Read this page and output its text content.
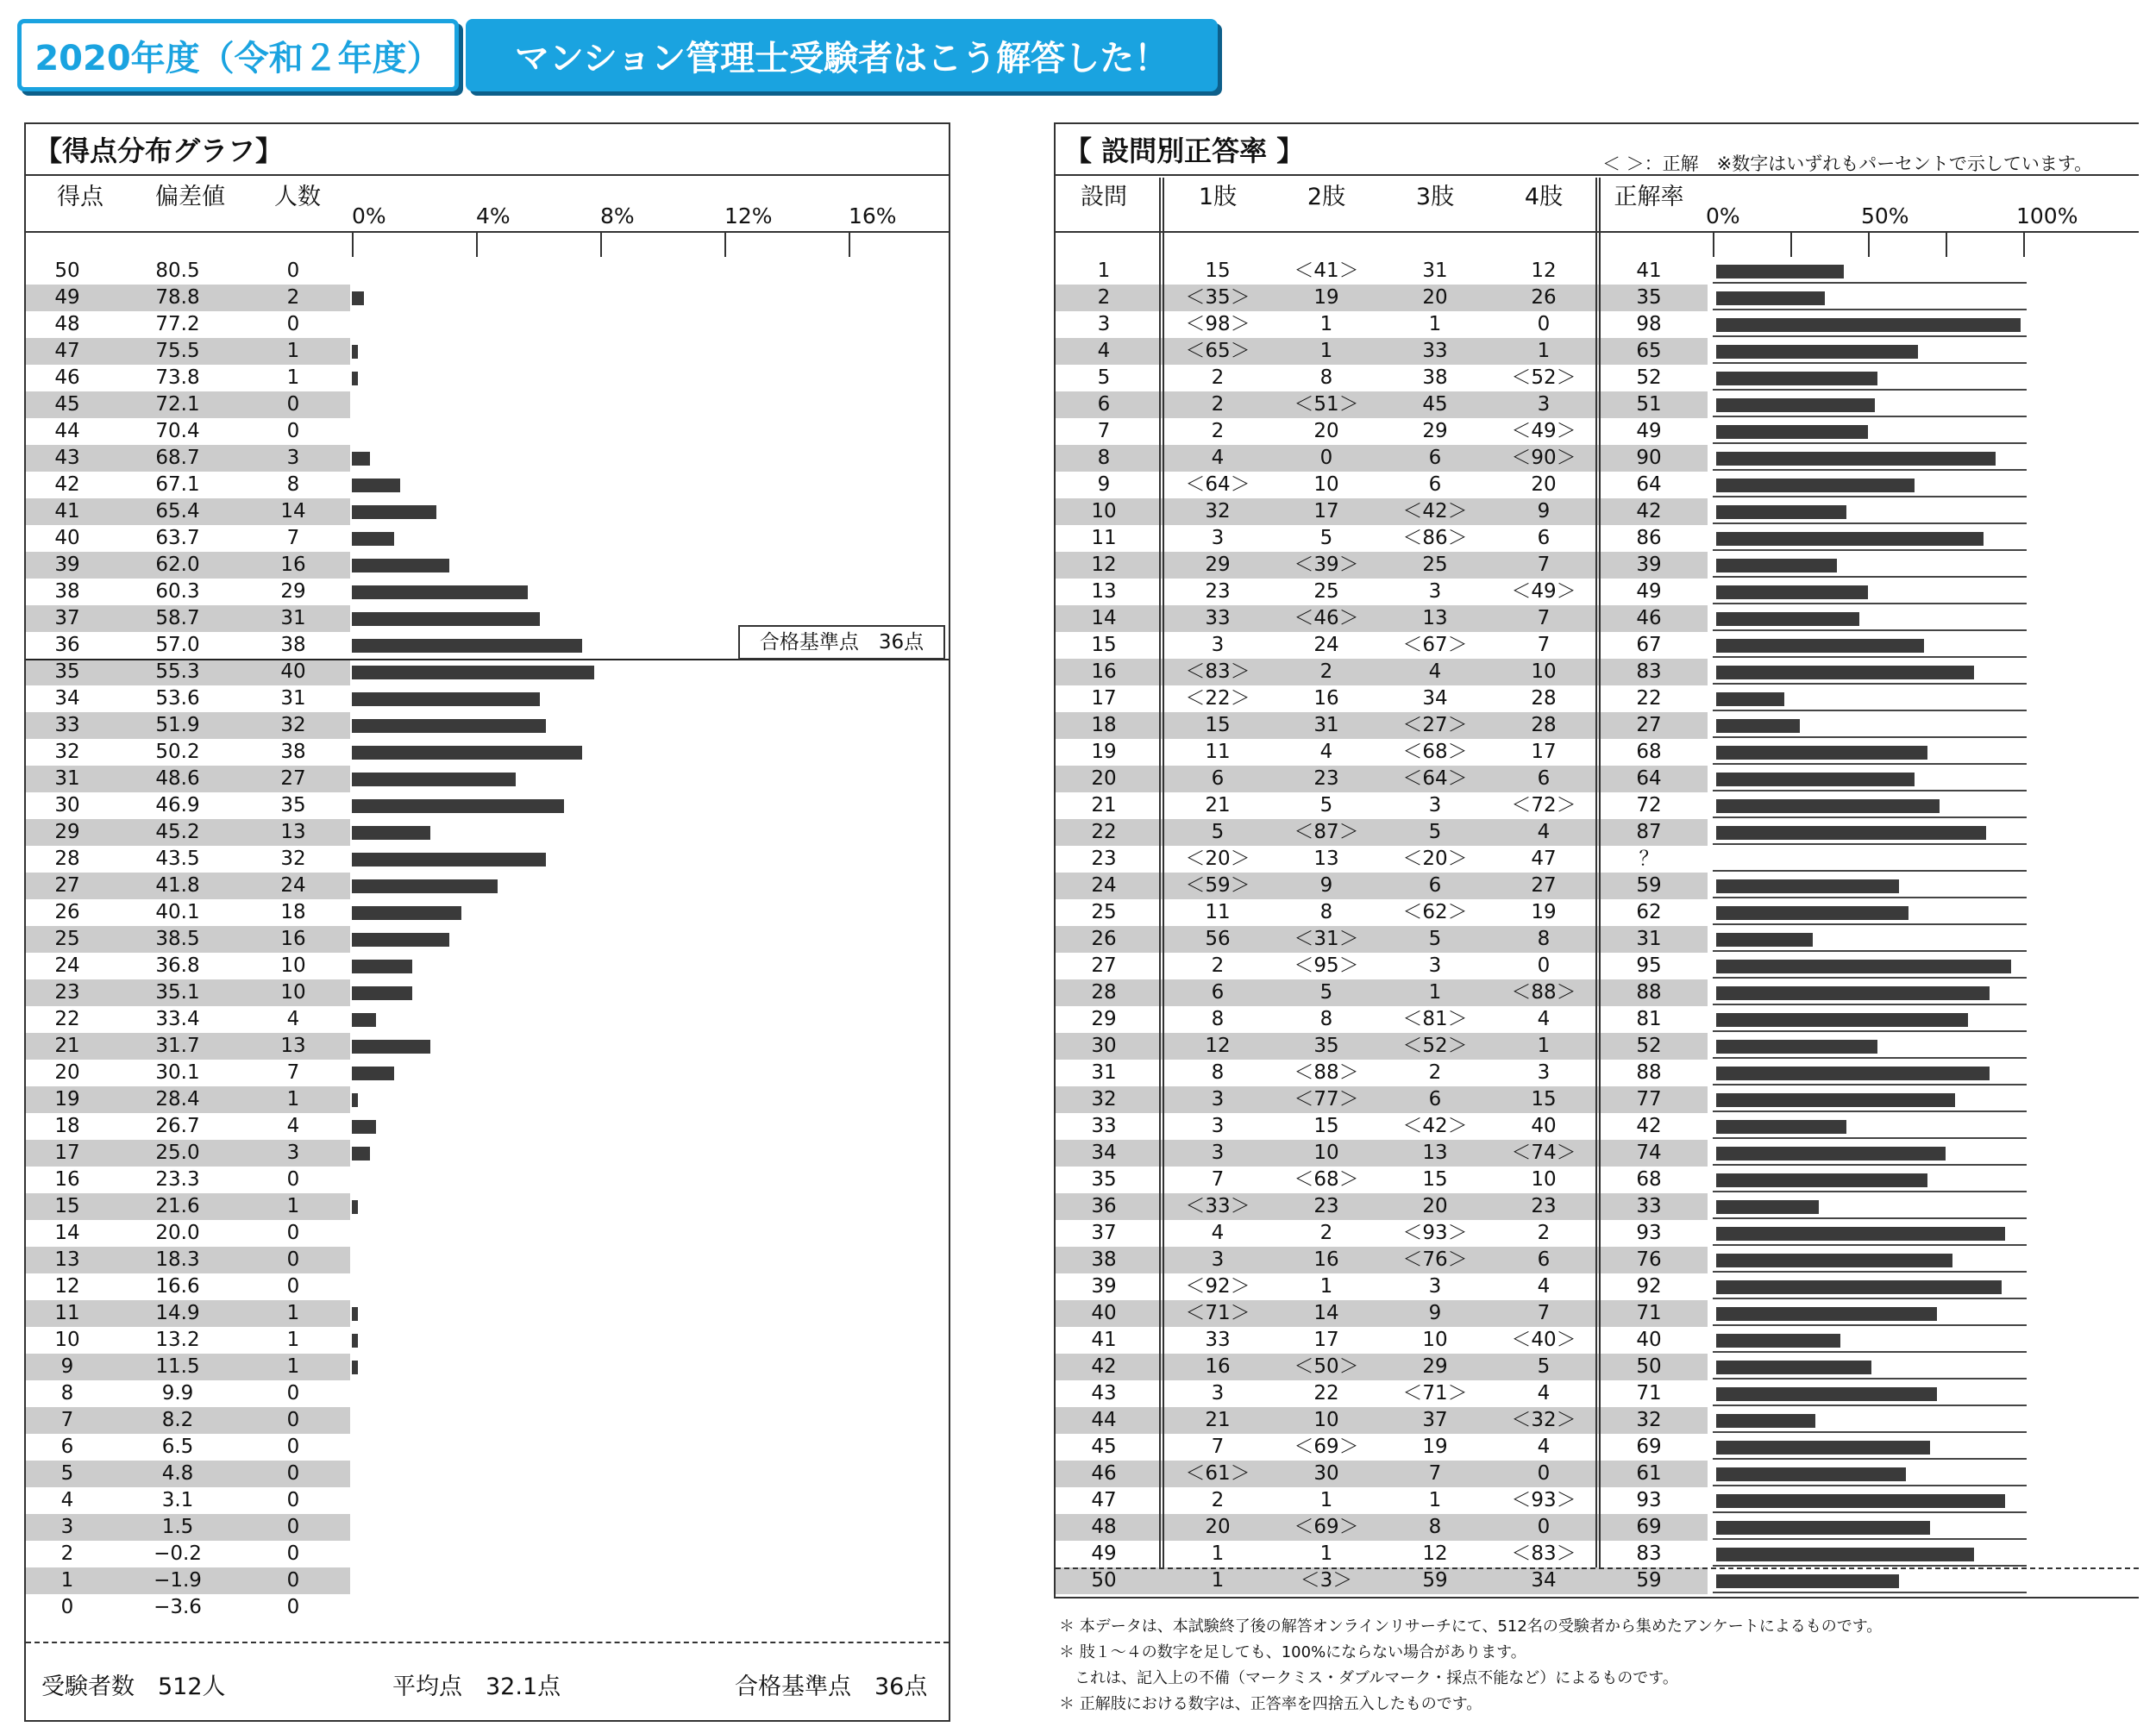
2020年度（令和２年度）	マンション管理士受験者はこう解答した！
【得点分布グラフ】
得点 偏差値 人数
0%	4%	8%	12%	16%
50	80.5	0
49	78.8	2
48	77.2	0
47	75.5	1
46	73.8	1
45	72.1	0
44	70.4	0
43	68.7	3
42	67.1	8
41	65.4	14
40	63.7	7
39	62.0	16
38	60.3	29
37	58.7	31
36	57.0	38
35	55.3	40
34	53.6	31
33	51.9	32
32	50.2	38
31	48.6	27
30	46.9	35
29	45.2	13
28	43.5	32
27	41.8	24
26	40.1	18
25	38.5	16
24	36.8	10
23	35.1	10
22	33.4	4
21	31.7	13
20	30.1	7
19	28.4	1
18	26.7	4
17	25.0	3
16	23.3	0
15	21.6	1
14	20.0	0
13	18.3	0
12	16.6	0
11	14.9	1
10	13.2	1
9	11.5	1
8	9.9	0
7	8.2	0
6	6.5	0
5	4.8	0
4	3.1	0
3	1.5	0
2	−0.2	0
1	−1.9	0
0	−3.6	0
合格基準点　36点
受験者数　512人	平均点　32.1点	合格基準点　36点
【 設問別正答率 】	＜ ＞：正解　※数字はいずれもパーセントで示しています。
設問	1肢	2肢	3肢	4肢	正解率
0%	50%	100%
1	15	＜41＞	31	12	41
2	＜35＞	19	20	26	35
3	＜98＞	1	1	0	98
4	＜65＞	1	33	1	65
5	2	8	38	＜52＞	52
6	2	＜51＞	45	3	51
7	2	20	29	＜49＞	49
8	4	0	6	＜90＞	90
9	＜64＞	10	6	20	64
10	32	17	＜42＞	9	42
11	3	5	＜86＞	6	86
12	29	＜39＞	25	7	39
13	23	25	3	＜49＞	49
14	33	＜46＞	13	7	46
15	3	24	＜67＞	7	67
16	＜83＞	2	4	10	83
17	＜22＞	16	34	28	22
18	15	31	＜27＞	28	27
19	11	4	＜68＞	17	68
20	6	23	＜64＞	6	64
21	21	5	3	＜72＞	72
22	5	＜87＞	5	4	87
23	＜20＞	13	＜20＞	47	？
24	＜59＞	9	6	27	59
25	11	8	＜62＞	19	62
26	56	＜31＞	5	8	31
27	2	＜95＞	3	0	95
28	6	5	1	＜88＞	88
29	8	8	＜81＞	4	81
30	12	35	＜52＞	1	52
31	8	＜88＞	2	3	88
32	3	＜77＞	6	15	77
33	3	15	＜42＞	40	42
34	3	10	13	＜74＞	74
35	7	＜68＞	15	10	68
36	＜33＞	23	20	23	33
37	4	2	＜93＞	2	93
38	3	16	＜76＞	6	76
39	＜92＞	1	3	4	92
40	＜71＞	14	9	7	71
41	33	17	10	＜40＞	40
42	16	＜50＞	29	5	50
43	3	22	＜71＞	4	71
44	21	10	37	＜32＞	32
45	7	＜69＞	19	4	69
46	＜61＞	30	7	0	61
47	2	1	1	＜93＞	93
48	20	＜69＞	8	0	69
49	1	1	12	＜83＞	83
50	1	＜3＞	59	34	59
＊ 本データは、本試験終了後の解答オンラインリサーチにて、512名の受験者から集めたアンケートによるものです。
＊ 肢１～４の数字を足しても、100%にならない場合があります。
　これは、記入上の不備（マークミス・ダブルマーク・採点不能など）によるものです。
＊ 正解肢における数字は、正答率を四捨五入したものです。
